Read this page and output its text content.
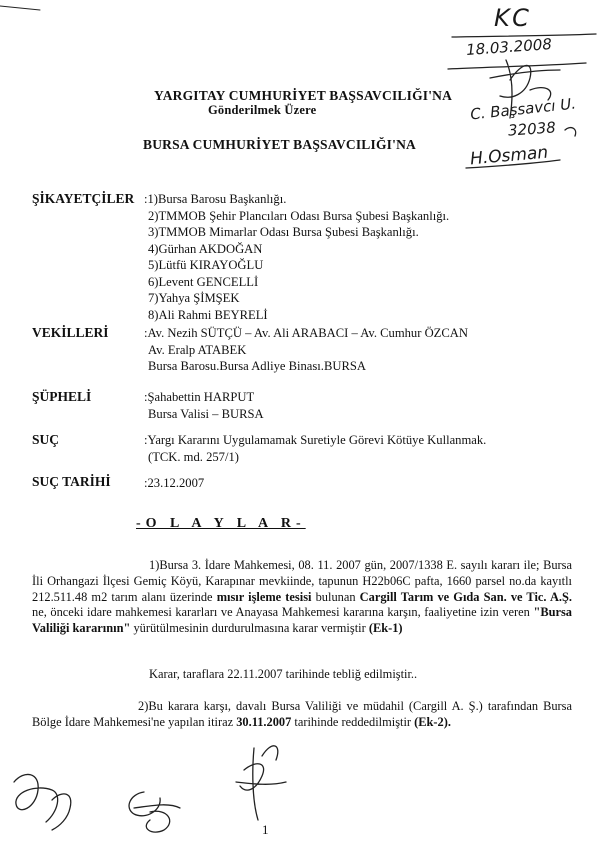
KC
18.03.2008
C. Başsavcı U.
32038
H.Osman
YARGITAY CUMHURİYET BAŞSAVCILIĞI'NA
Gönderilmek Üzere
BURSA CUMHURİYET BAŞSAVCILIĞI'NA
ŞİKAYETÇİLER :1)Bursa Barosu Başkanlığı.
2)TMMOB Şehir Plancıları Odası Bursa Şubesi Başkanlığı.
3)TMMOB Mimarlar Odası Bursa Şubesi Başkanlığı.
4)Gürhan AKDOĞAN
5)Lütfü KIRAYOĞLU
6)Levent GENCELLİ
7)Yahya ŞİMŞEK
8)Ali Rahmi BEYRELİ
VEKİLLERİ	:Av. Nezih SÜTÇÜ – Av. Ali ARABACI – Av. Cumhur ÖZCAN
Av. Eralp ATABEK
Bursa Barosu.Bursa Adliye Binası.BURSA
ŞÜPHELİ	:Şahabettin HARPUT
Bursa Valisi – BURSA
SUÇ	:Yargı Kararını Uygulamamak Suretiyle Görevi Kötüye Kullanmak.
(TCK. md. 257/1)
SUÇ TARİHİ	:23.12.2007
-O L A Y L A R-
1)Bursa 3. İdare Mahkemesi, 08. 11. 2007 gün, 2007/1338 E. sayılı kararı ile; Bursa İli Orhangazi İlçesi Gemiç Köyü, Karapınar mevkiinde, tapunun H22b06C pafta, 1660 parsel no.da kayıtlı 212.511.48 m2 tarım alanı üzerinde mısır işleme tesisi bulunan Cargill Tarım ve Gıda San. ve Tic. A.Ş. ne, önceki idare mahkemesi kararları ve Anayasa Mahkemesi kararına karşın, faaliyetine izin veren "Bursa Valiliği kararının" yürütülmesinin durdurulmasına karar vermiştir (Ek-1)
Karar, taraflara 22.11.2007 tarihinde tebliğ edilmiştir..
2)Bu karara karşı, davalı Bursa Valiliği ve müdahil (Cargill A. Ş.) tarafından Bursa Bölge İdare Mahkemesi'ne yapılan itiraz 30.11.2007 tarihinde reddedilmiştir (Ek-2).
1
